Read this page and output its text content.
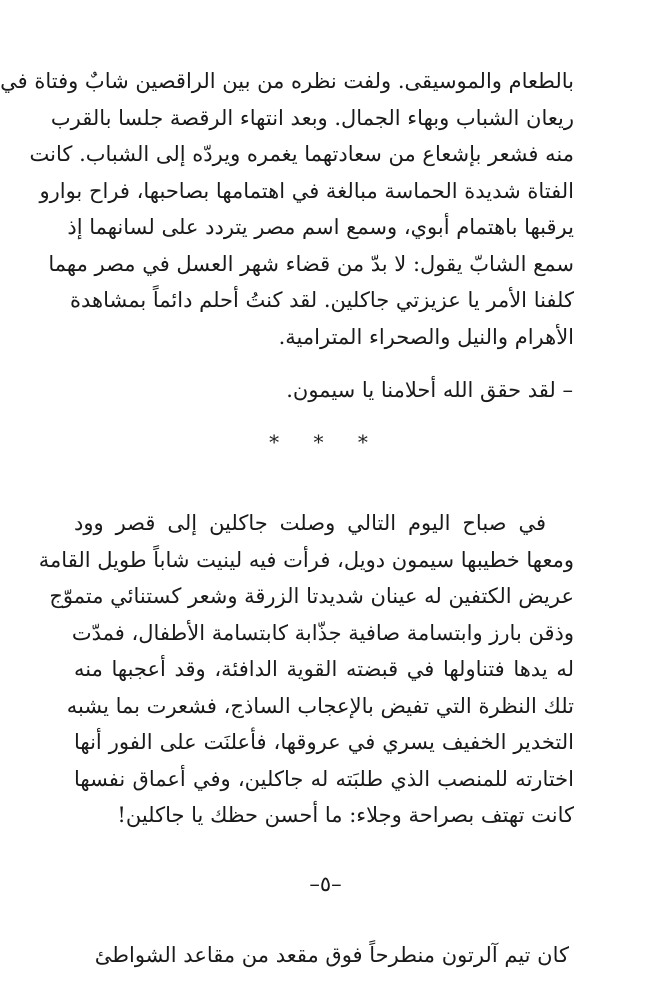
بالطعام والموسيقى. ولفت نظره من بين الراقصين شابٌ وفتاة في
ريعان الشباب وبهاء الجمال. وبعد انتهاء الرقصة جلسا بالقرب
منه فشعر بإشعاع من سعادتهما يغمره ويردّه إلى الشباب. كانت
الفتاة شديدة الحماسة مبالغة في اهتمامها بصاحبها، فراح بوارو
يرقبها باهتمام أبوي، وسمع اسم مصر يتردد على لسانهما إذ
سمع الشابّ يقول: لا بدّ من قضاء شهر العسل في مصر مهما
كلفنا الأمر يا عزيزتي جاكلين. لقد كنتُ أحلم دائماً بمشاهدة
الأهرام والنيل والصحراء المترامية.
– لقد حقق الله أحلامنا يا سيمون.
* * *
في صباح اليوم التالي وصلت جاكلين إلى قصر وود
ومعها خطيبها سيمون دويل، فرأت فيه لينيت شاباً طويل القامة
عريض الكتفين له عينان شديدتا الزرقة وشعر كستنائي متموّج
وذقن بارز وابتسامة صافية جذّابة كابتسامة الأطفال، فمدّت
له يدها فتناولها في قبضته القوية الدافئة، وقد أعجبها منه
تلك النظرة التي تفيض بالإعجاب الساذج، فشعرت بما يشبه
التخدير الخفيف يسري في عروقها، فأعلنَت على الفور أنها
اختارته للمنصب الذي طلبَته له جاكلين، وفي أعماق نفسها
كانت تهتف بصراحة وجلاء: ما أحسن حظك يا جاكلين!
–٥–
كان تيم آلرتون منطرحاً فوق مقعد من مقاعد الشواطئ
